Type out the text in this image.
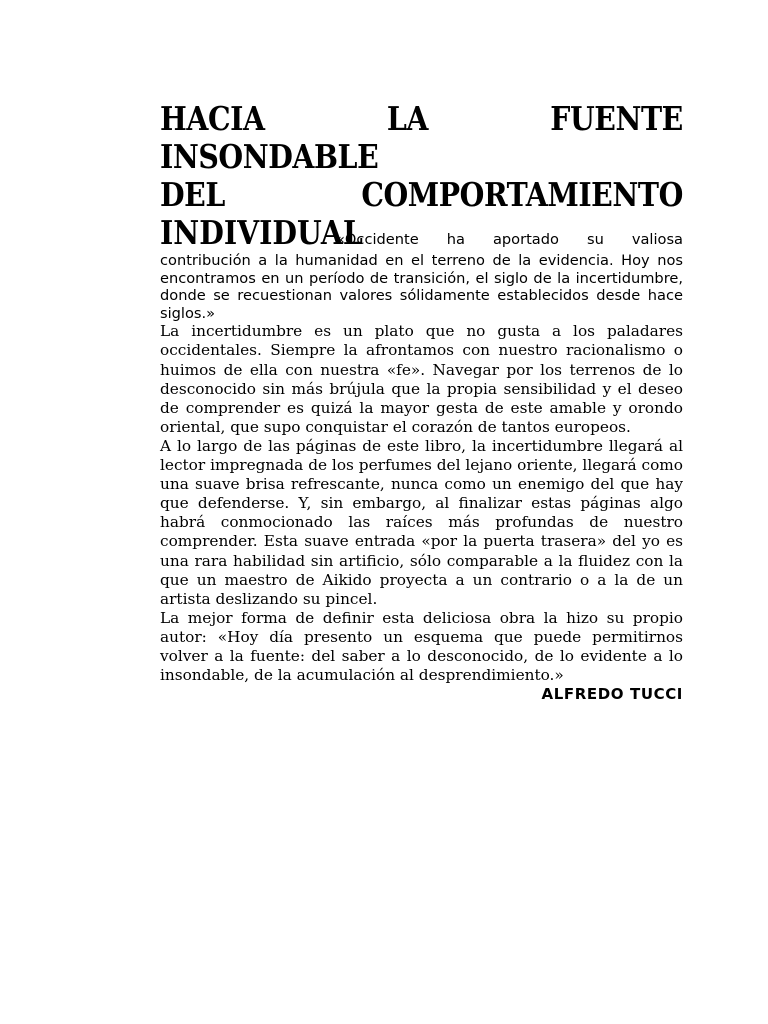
HACIA LA FUENTE INSONDABLE
DEL COMPORTAMIENTO
INDIVIDUAL
«Occidente ha aportado su valiosa

contribución a la humanidad en el terreno de la evidencia. Hoy nos encontramos en un período de transición, el siglo de la incertidumbre, donde se recuestionan valores sólidamente establecidos desde hace siglos.»

La incertidumbre es un plato que no gusta a los paladares occidentales. Siempre la afrontamos con nuestro racionalismo o huimos de ella con nuestra «fe». Navegar por los terrenos de lo desconocido sin más brújula que la propia sensibilidad y el deseo de comprender es quizá la mayor gesta de este amable y orondo oriental, que supo conquistar el corazón de tantos europeos.

A lo largo de las páginas de este libro, la incertidumbre llegará al lector impregnada de los perfumes del lejano oriente, llegará como una suave brisa refrescante, nunca como un enemigo del que hay que defenderse. Y, sin embargo, al finalizar estas páginas algo habrá conmocionado las raíces más profundas de nuestro comprender. Esta suave entrada «por la puerta trasera» del yo es una rara habilidad sin artificio, sólo comparable a la fluidez con la que un maestro de Aikido proyecta a un contrario o a la de un artista deslizando su pincel.

La mejor forma de definir esta deliciosa obra la hizo su propio autor: «Hoy día presento un esquema que puede permitirnos volver a la fuente: del saber a lo desconocido, de lo evidente a lo insondable, de la acumulación al desprendimiento.»

ALFREDO TUCCI
